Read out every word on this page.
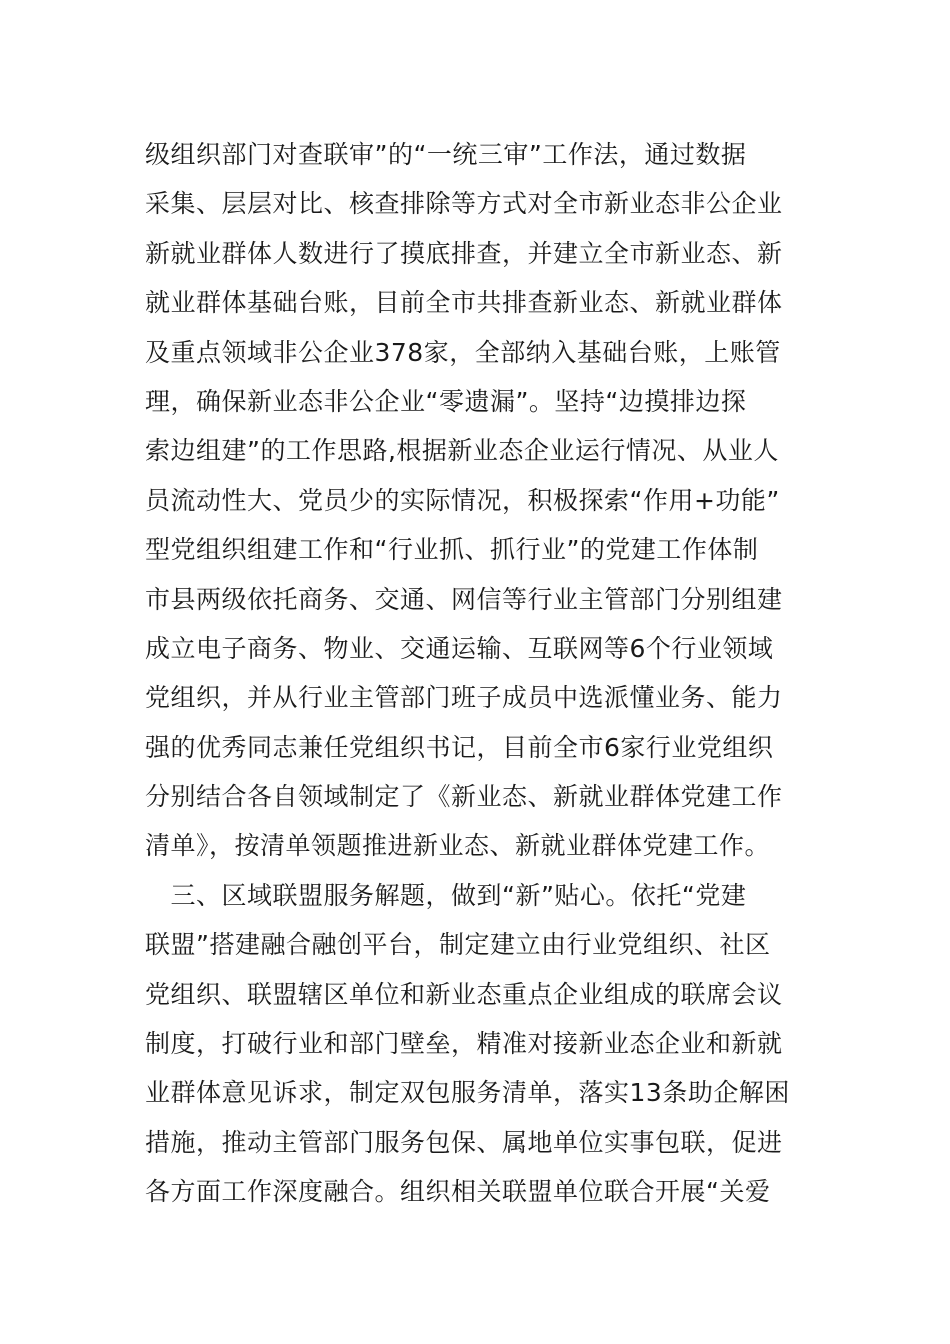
级组织部门对查联审”的“一统三审”工作法，通过数据
采集、层层对比、核查排除等方式对全市新业态非公企业
新就业群体人数进行了摸底排查，并建立全市新业态、新
就业群体基础台账，目前全市共排查新业态、新就业群体
及重点领域非公企业378家，全部纳入基础台账，上账管
理，确保新业态非公企业“零遗漏”。坚持“边摸排边探
索边组建”的工作思路,根据新业态企业运行情况、从业人
员流动性大、党员少的实际情况，积极探索“作用+功能”
型党组织组建工作和“行业抓、抓行业”的党建工作体制
市县两级依托商务、交通、网信等行业主管部门分别组建
成立电子商务、物业、交通运输、互联网等6个行业领域
党组织，并从行业主管部门班子成员中选派懂业务、能力
强的优秀同志兼任党组织书记，目前全市6家行业党组织
分别结合各自领域制定了《新业态、新就业群体党建工作
清单》，按清单领题推进新业态、新就业群体党建工作。
　三、区域联盟服务解题，做到“新”贴心。依托“党建
联盟”搭建融合融创平台，制定建立由行业党组织、社区
党组织、联盟辖区单位和新业态重点企业组成的联席会议
制度，打破行业和部门壁垒，精准对接新业态企业和新就
业群体意见诉求，制定双包服务清单，落实13条助企解困
措施，推动主管部门服务包保、属地单位实事包联，促进
各方面工作深度融合。组织相关联盟单位联合开展“关爱
